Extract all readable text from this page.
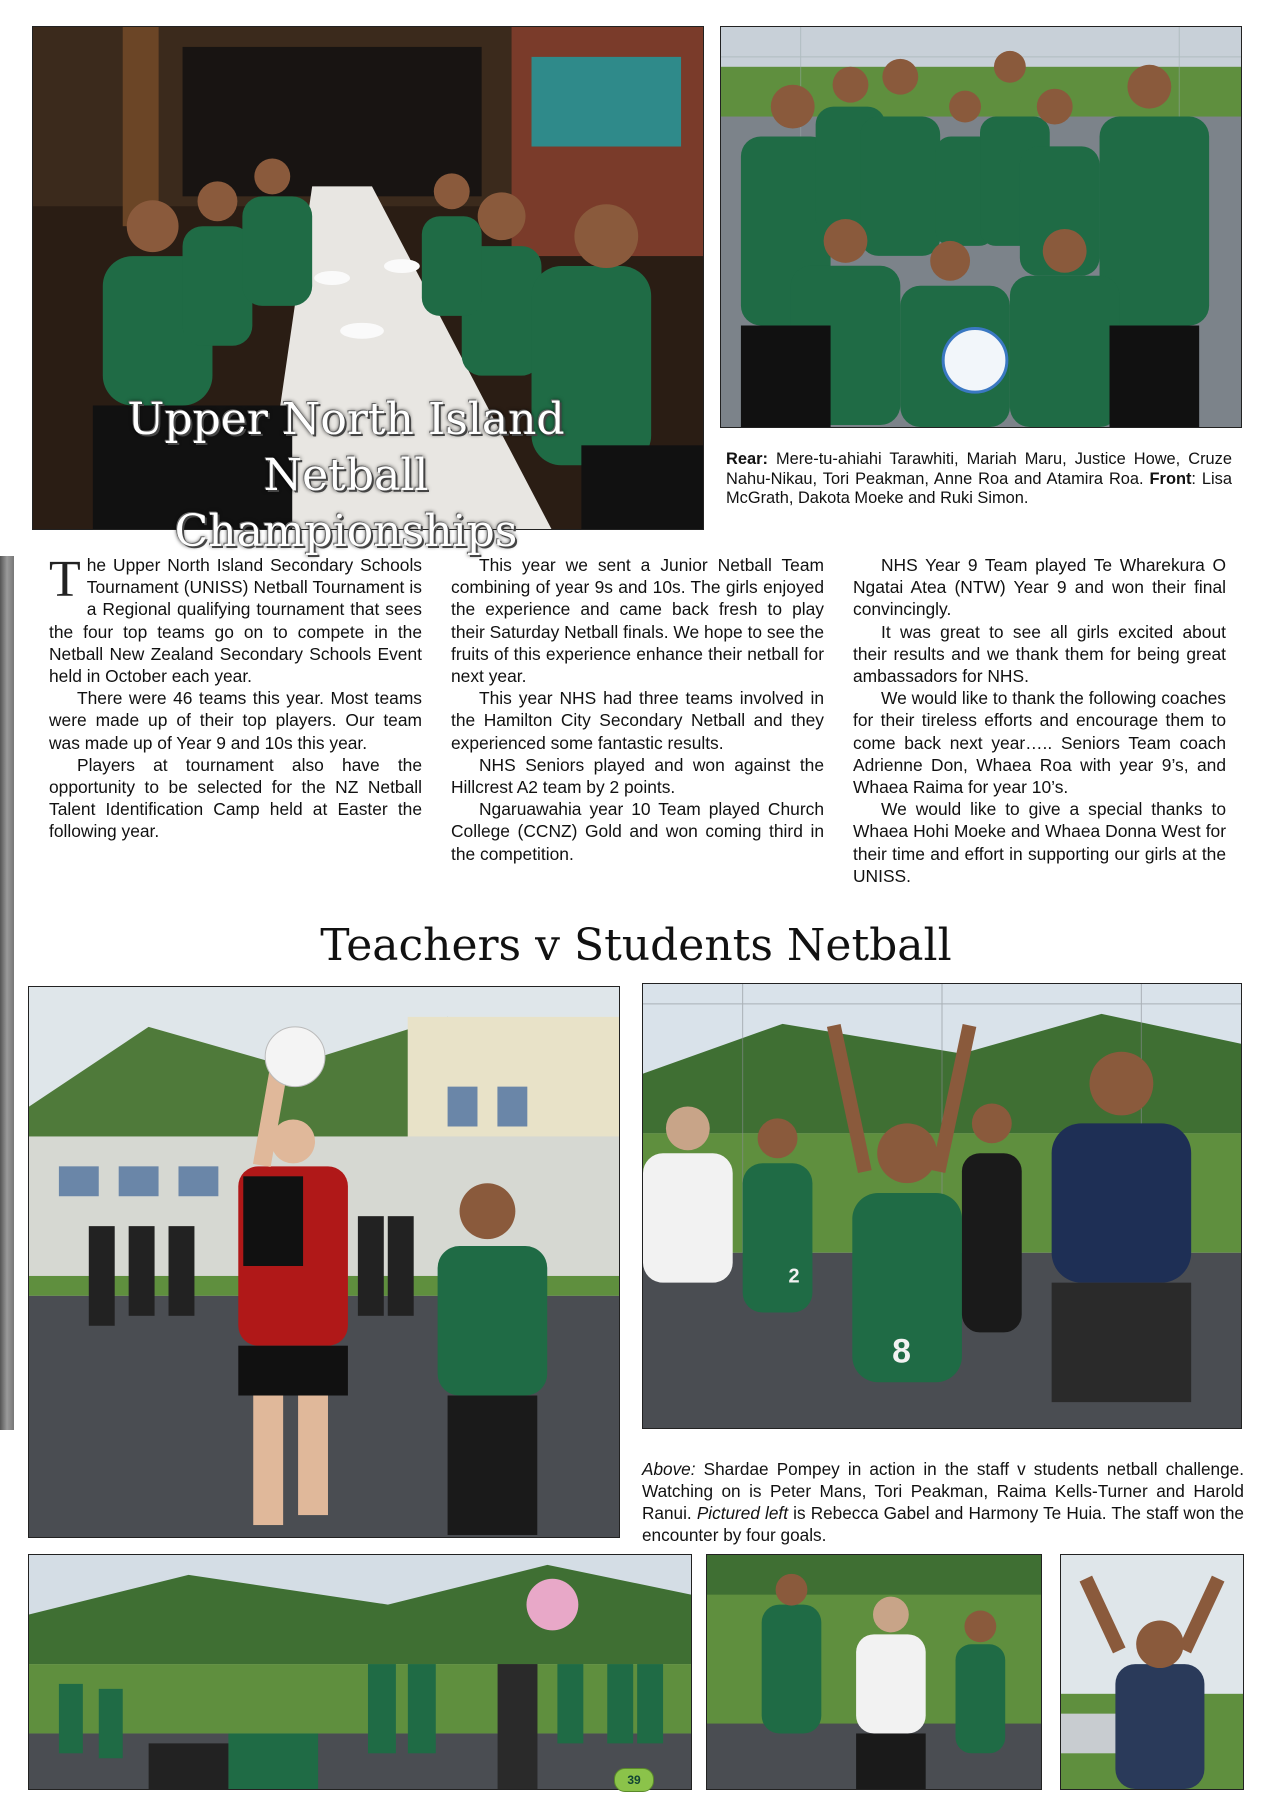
Upper North Island Netball
Championships
Rear: Mere-tu-ahiahi Tarawhiti, Mariah Maru, Justice Howe, Cruze Nahu-Nikau, Tori Peakman, Anne Roa and Atamira Roa. Front: Lisa McGrath, Dakota Moeke and Ruki Simon.

The Upper North Island Secondary Schools Tournament (UNISS) Netball Tournament is a Regional qualifying tournament that sees the four top teams go on to compete in the Netball New Zealand Secondary Schools Event held in October each year.

There were 46 teams this year. Most teams were made up of their top players. Our team was made up of Year 9 and 10s this year.

Players at tournament also have the opportunity to be selected for the NZ Netball Talent Identification Camp held at Easter the following year.

This year we sent a Junior Netball Team combining of year 9s and 10s. The girls enjoyed the experience and came back fresh to play their Saturday Netball finals. We hope to see the fruits of this experience enhance their netball for next year.

This year NHS had three teams involved in the Hamilton City Secondary Netball and they experienced some fantastic results.

NHS Seniors played and won against the Hillcrest A2 team by 2 points.

Ngaruawahia year 10 Team played Church College (CCNZ) Gold and won coming third in the competition.

NHS Year 9 Team played Te Wharekura O Ngatai Atea (NTW) Year 9 and won their final convincingly.

It was great to see all girls excited about their results and we thank them for being great ambassadors for NHS.

We would like to thank the following coaches for their tireless efforts and encourage them to come back next year….. Seniors Team coach Adrienne Don, Whaea Roa with year 9’s, and Whaea Raima for year 10’s.

We would like to give a special thanks to Whaea Hohi Moeke and Whaea Donna West for their time and effort in supporting our girls at the UNISS.

Teachers v Students Netball
8
2
Above: Shardae Pompey in action in the staff v students netball challenge. Watching on is Peter Mans, Tori Peakman, Raima Kells-Turner and Harold Ranui. Pictured left is Rebecca Gabel and Harmony Te Huia. The staff won the encounter by four goals.
39
